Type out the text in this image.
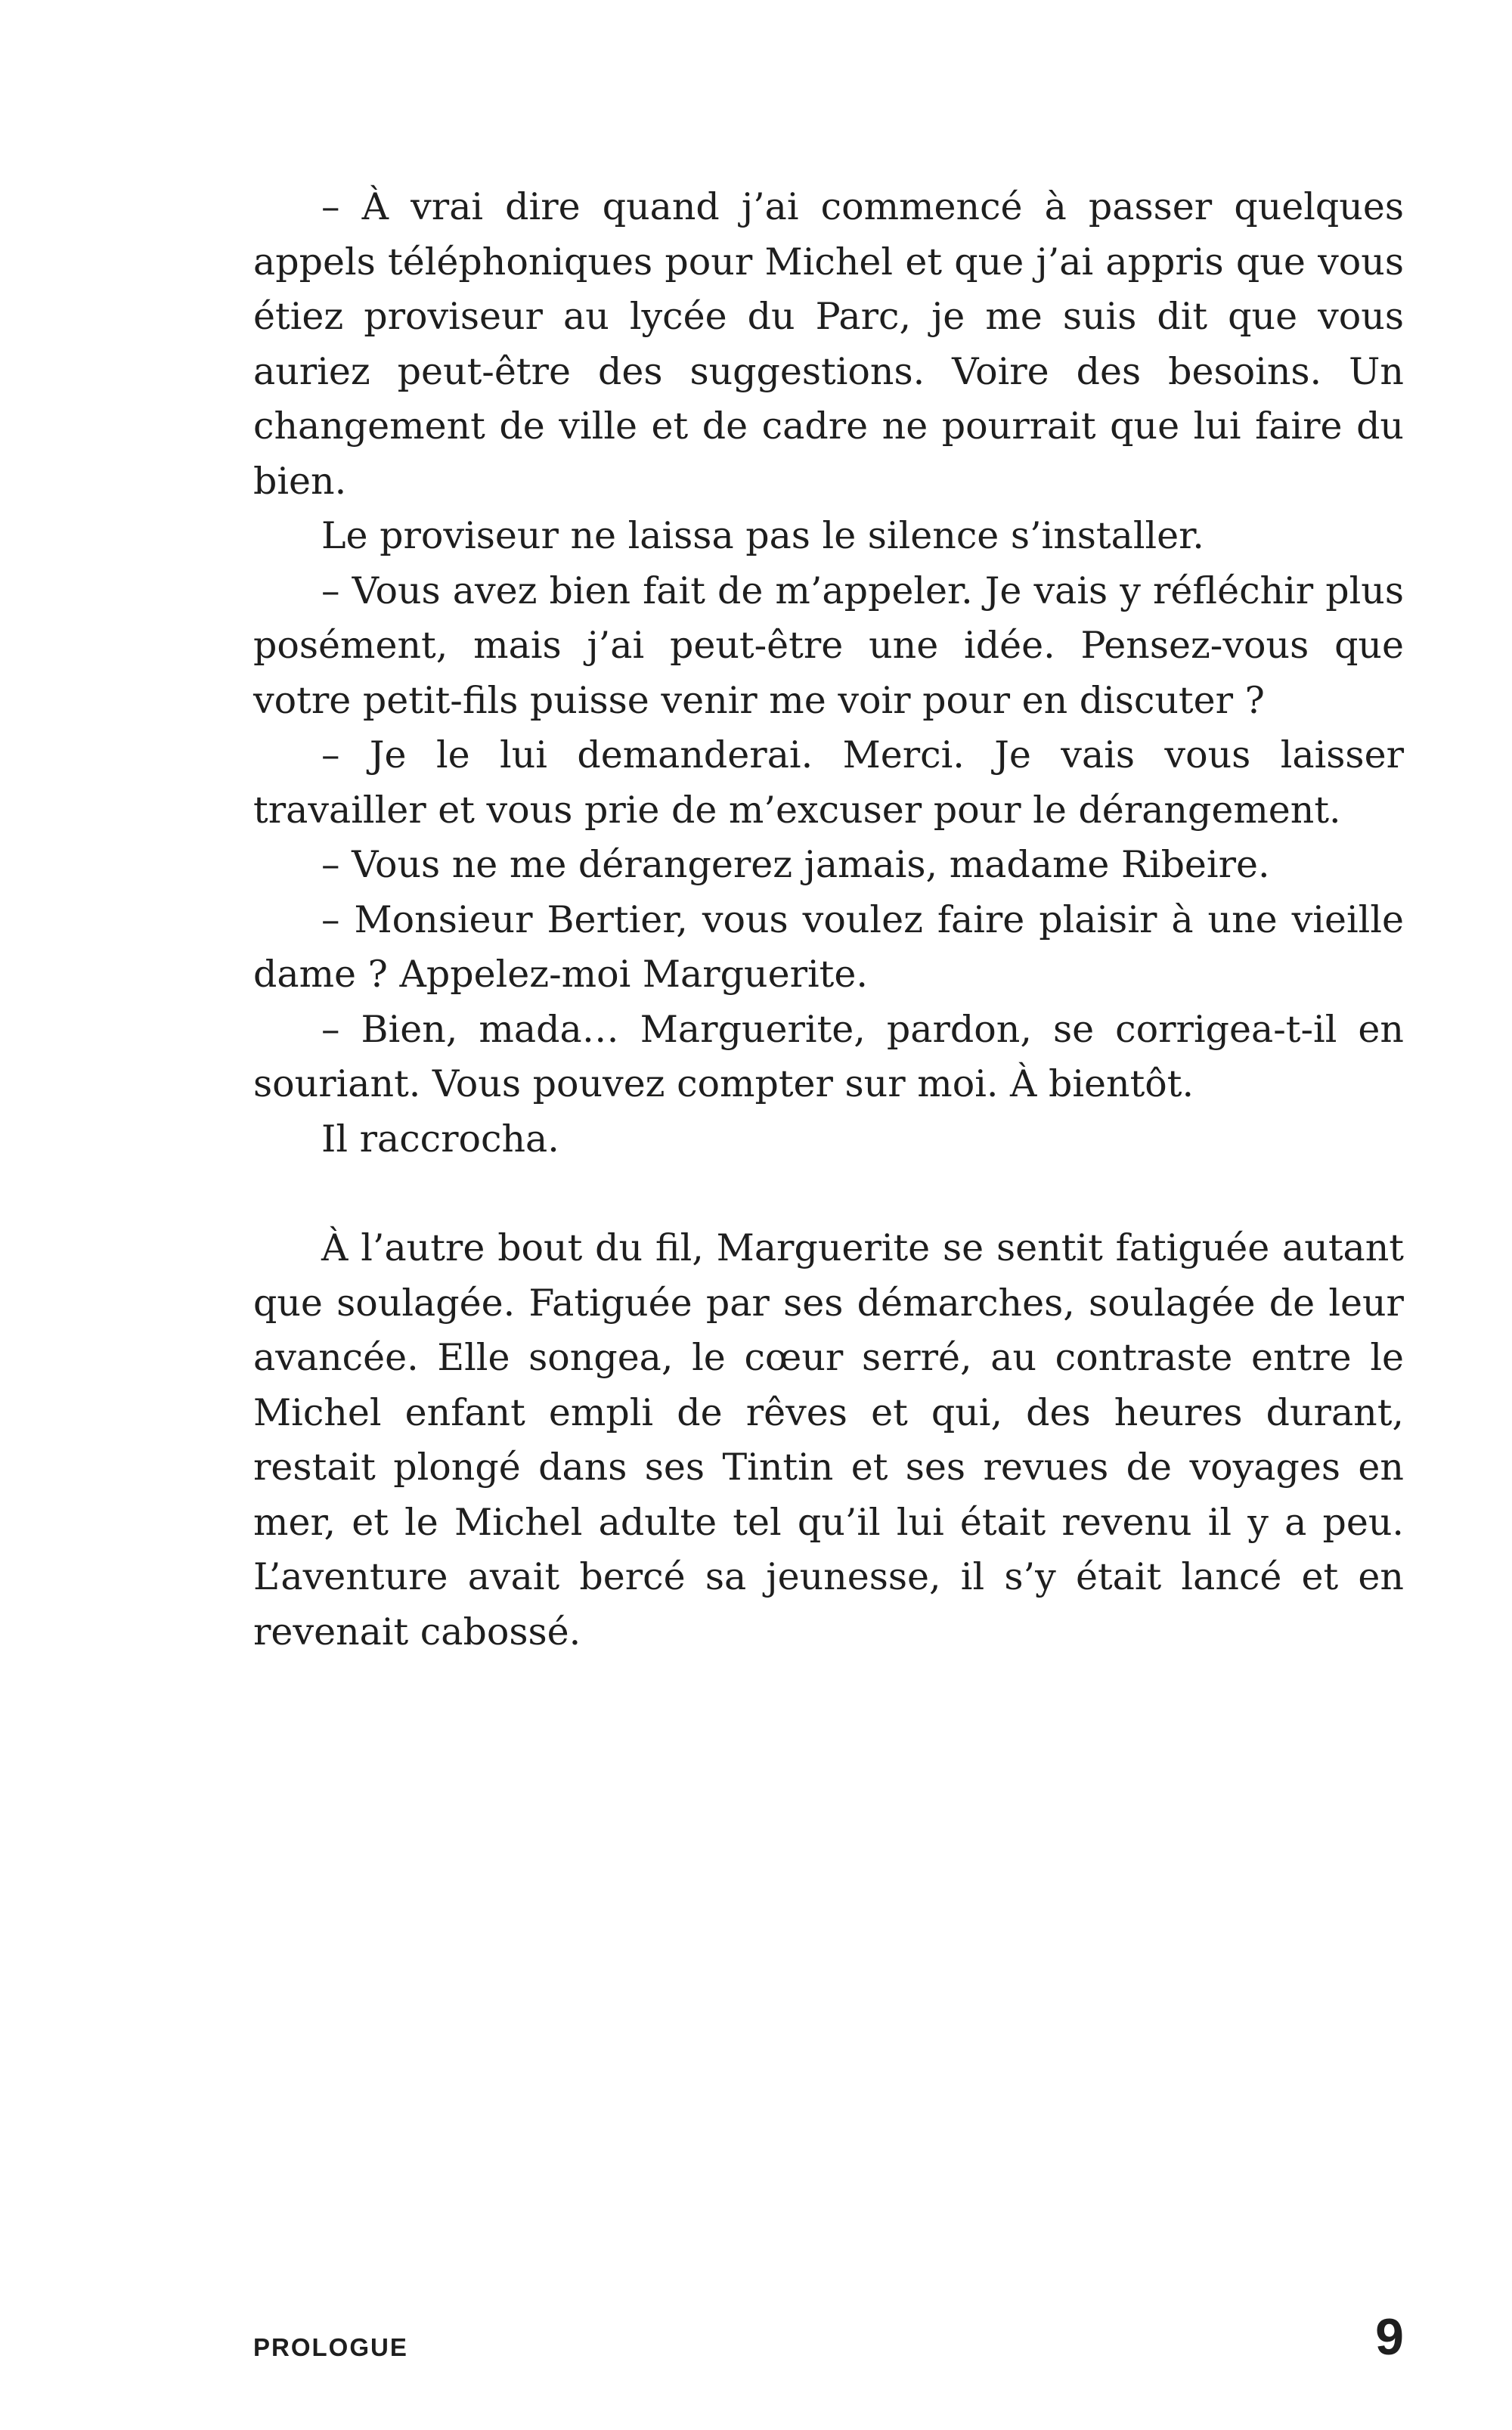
– À vrai dire quand j’ai commencé à passer quelques appels téléphoniques pour Michel et que j’ai appris que vous étiez proviseur au lycée du Parc, je me suis dit que vous auriez peut-être des suggestions. Voire des besoins. Un changement de ville et de cadre ne pourrait que lui faire du bien.

Le proviseur ne laissa pas le silence s’installer.

– Vous avez bien fait de m’appeler. Je vais y réfléchir plus posément, mais j’ai peut-être une idée. Pensez-vous que votre petit-fils puisse venir me voir pour en discuter ?

– Je le lui demanderai. Merci. Je vais vous laisser travailler et vous prie de m’excuser pour le dérangement.

– Vous ne me dérangerez jamais, madame Ribeire.

– Monsieur Bertier, vous voulez faire plaisir à une vieille dame ? Appelez-moi Marguerite.

– Bien, mada… Marguerite, pardon, se corrigea-t-il en souriant. Vous pouvez compter sur moi. À bientôt.

Il raccrocha.

À l’autre bout du fil, Marguerite se sentit fatiguée autant que soulagée. Fatiguée par ses démarches, soulagée de leur avancée. Elle songea, le cœur serré, au contraste entre le Michel enfant empli de rêves et qui, des heures durant, restait plongé dans ses Tintin et ses revues de voyages en mer, et le Michel adulte tel qu’il lui était revenu il y a peu. L’aventure avait bercé sa jeunesse, il s’y était lancé et en revenait cabossé.

PROLOGUE	9
